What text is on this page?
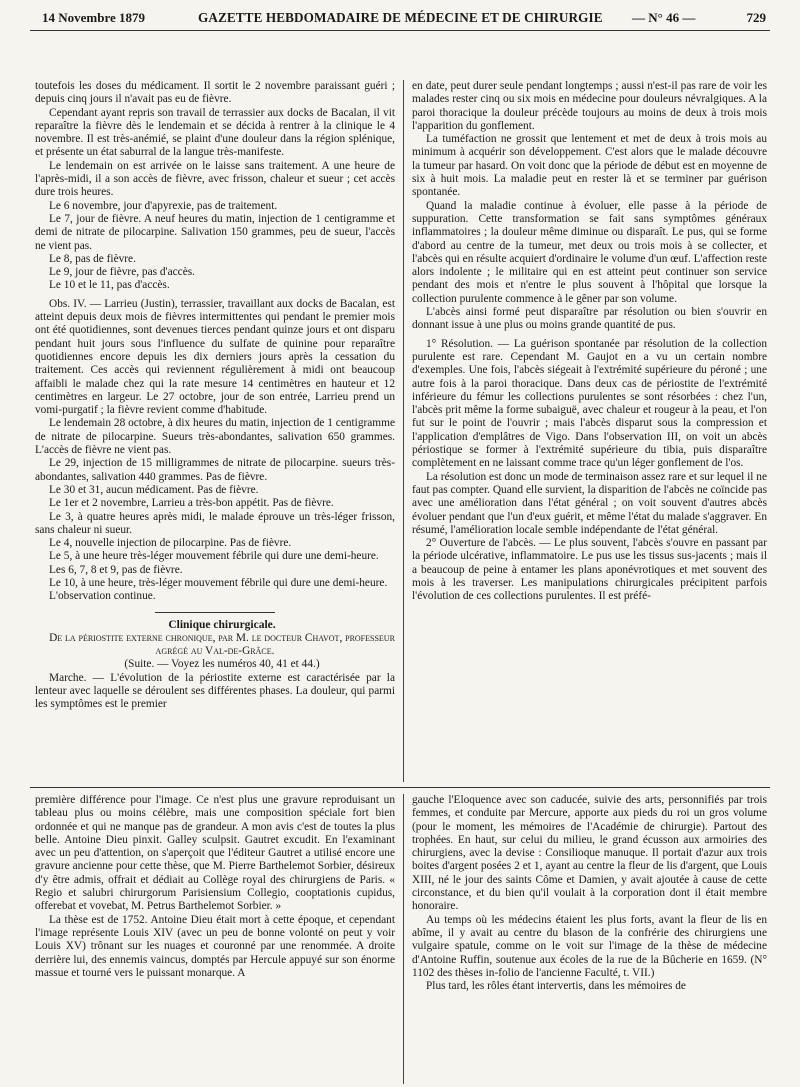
14 Novembre 1879	GAZETTE HEBDOMADAIRE DE MÉDECINE ET DE CHIRURGIE — N° 46 —	729

toutefois les doses du médicament. Il sortit le 2 novembre paraissant guéri ; depuis cinq jours il n'avait pas eu de fièvre.

Cependant ayant repris son travail de terrassier aux docks de Bacalan, il vit reparaître la fièvre dès le lendemain et se décida à rentrer à la clinique le 4 novembre. Il est très-anémié, se plaint d'une douleur dans la région splénique, et présente un état saburral de la langue très-manifeste.

Le lendemain on est arrivée on le laisse sans traitement. A une heure de l'après-midi, il a son accès de fièvre, avec frisson, chaleur et sueur ; cet accès dure trois heures.

Le 6 novembre, jour d'apyrexie, pas de traitement.

Le 7, jour de fièvre. A neuf heures du matin, injection de 1 centigramme et demi de nitrate de pilocarpine. Salivation 150 grammes, peu de sueur, l'accès ne vient pas.

Le 8, pas de fièvre.

Le 9, jour de fièvre, pas d'accès.

Le 10 et le 11, pas d'accès.

Obs. IV. — Larrieu (Justin), terrassier, travaillant aux docks de Bacalan, est atteint depuis deux mois de fièvres intermittentes qui pendant le premier mois ont été quotidiennes, sont devenues tierces pendant quinze jours et ont disparu pendant huit jours sous l'influence du sulfate de quinine pour reparaître quotidiennes encore depuis les dix derniers jours après la cessation du traitement. Ces accès qui reviennent régulièrement à midi ont beaucoup affaibli le malade chez qui la rate mesure 14 centimètres en hauteur et 12 centimètres en largeur. Le 27 octobre, jour de son entrée, Larrieu prend un vomi-purgatif ; la fièvre revient comme d'habitude.

Le lendemain 28 octobre, à dix heures du matin, injection de 1 centigramme de nitrate de pilocarpine. Sueurs très-abondantes, salivation 650 grammes. L'accès de fièvre ne vient pas.

Le 29, injection de 15 milligrammes de nitrate de pilocarpine. sueurs très-abondantes, salivation 440 grammes. Pas de fièvre.

Le 30 et 31, aucun médicament. Pas de fièvre.

Le 1er et 2 novembre, Larrieu a très-bon appétit. Pas de fièvre.

Le 3, à quatre heures après midi, le malade éprouve un très-léger frisson, sans chaleur ni sueur.

Le 4, nouvelle injection de pilocarpine. Pas de fièvre.

Le 5, à une heure très-léger mouvement fébrile qui dure une demi-heure.

Les 6, 7, 8 et 9, pas de fièvre.

Le 10, à une heure, très-léger mouvement fébrile qui dure une demi-heure.

L'observation continue.

Clinique chirurgicale.

De la périostite externe chronique, par M. le docteur Chavot, professeur agrégé au Val-de-Grâce.

(Suite. — Voyez les numéros 40, 41 et 44.)

Marche. — L'évolution de la périostite externe est caractérisée par la lenteur avec laquelle se déroulent ses différentes phases. La douleur, qui parmi les symptômes est le premier

en date, peut durer seule pendant longtemps ; aussi n'est-il pas rare de voir les malades rester cinq ou six mois en médecine pour douleurs névralgiques. A la paroi thoracique la douleur précède toujours au moins de deux à trois mois l'apparition du gonflement.

La tuméfaction ne grossit que lentement et met de deux à trois mois au minimum à acquérir son développement. C'est alors que le malade découvre la tumeur par hasard. On voit donc que la période de début est en moyenne de six à huit mois. La maladie peut en rester là et se terminer par guérison spontanée.

Quand la maladie continue à évoluer, elle passe à la période de suppuration. Cette transformation se fait sans symptômes généraux inflammatoires ; la douleur même diminue ou disparaît. Le pus, qui se forme d'abord au centre de la tumeur, met deux ou trois mois à se collecter, et l'abcès qui en résulte acquiert d'ordinaire le volume d'un œuf. L'affection reste alors indolente ; le militaire qui en est atteint peut continuer son service pendant des mois et n'entre le plus souvent à l'hôpital que lorsque la collection purulente commence à le gêner par son volume.

L'abcès ainsi formé peut disparaître par résolution ou bien s'ouvrir en donnant issue à une plus ou moins grande quantité de pus.

1° Résolution. — La guérison spontanée par résolution de la collection purulente est rare. Cependant M. Gaujot en a vu un certain nombre d'exemples. Une fois, l'abcès siégeait à l'extrémité supérieure du péroné ; une autre fois à la paroi thoracique. Dans deux cas de périostite de l'extrémité inférieure du fémur les collections purulentes se sont résorbées : chez l'un, l'abcès prit même la forme subaiguë, avec chaleur et rougeur à la peau, et l'on fut sur le point de l'ouvrir ; mais l'abcès disparut sous la compression et l'application d'emplâtres de Vigo. Dans l'observation III, on voit un abcès périostique se former à l'extrémité supérieure du tibia, puis disparaître complètement en ne laissant comme trace qu'un léger gonflement de l'os.

La résolution est donc un mode de terminaison assez rare et sur lequel il ne faut pas compter. Quand elle survient, la disparition de l'abcès ne coïncide pas avec une amélioration dans l'état général ; on voit souvent d'autres abcès évoluer pendant que l'un d'eux guérit, et même l'état du malade s'aggraver. En résumé, l'amélioration locale semble indépendante de l'état général.

2° Ouverture de l'abcès. — Le plus souvent, l'abcès s'ouvre en passant par la période ulcérative, inflammatoire. Le pus use les tissus sus-jacents ; mais il a beaucoup de peine à entamer les plans aponévrotiques et met souvent des mois à les traverser. Les manipulations chirurgicales précipitent parfois l'évolution de ces collections purulentes. Il est préfé-

première différence pour l'image. Ce n'est plus une gravure reproduisant un tableau plus ou moins célèbre, mais une composition spéciale fort bien ordonnée et qui ne manque pas de grandeur. A mon avis c'est de toutes la plus belle. Antoine Dieu pinxit. Galley sculpsit. Gautret excudit. En l'examinant avec un peu d'attention, on s'aperçoit que l'éditeur Gautret a utilisé encore une gravure ancienne pour cette thèse, que M. Pierre Barthelemot Sorbier, désireux d'y être admis, offrait et dédiait au Collège royal des chirurgiens de Paris. « Regio et salubri chirurgorum Parisiensium Collegio, cooptationis cupidus, offerebat et vovebat, M. Petrus Barthelemot Sorbier. »

La thèse est de 1752. Antoine Dieu était mort à cette époque, et cependant l'image représente Louis XIV (avec un peu de bonne volonté on peut y voir Louis XV) trônant sur les nuages et couronné par une renommée. A droite derrière lui, des ennemis vaincus, domptés par Hercule appuyé sur son énorme massue et tourné vers le puissant monarque. A

gauche l'Eloquence avec son caducée, suivie des arts, personnifiés par trois femmes, et conduite par Mercure, apporte aux pieds du roi un gros volume (pour le moment, les mémoires de l'Académie de chirurgie). Partout des trophées. En haut, sur celui du milieu, le grand écusson aux armoiries des chirurgiens, avec la devise : Consilioque manuque. Il portait d'azur aux trois boites d'argent posées 2 et 1, ayant au centre la fleur de lis d'argent, que Louis XIII, né le jour des saints Côme et Damien, y avait ajoutée à cause de cette circonstance, et du bien qu'il voulait à la corporation dont il était membre honoraire.

Au temps où les médecins étaient les plus forts, avant la fleur de lis en abîme, il y avait au centre du blason de la confrérie des chirurgiens une vulgaire spatule, comme on le voit sur l'image de la thèse de médecine d'Antoine Ruffin, soutenue aux écoles de la rue de la Bûcherie en 1659. (N° 1102 des thèses in-folio de l'ancienne Faculté, t. VII.)

Plus tard, les rôles étant intervertis, dans les mémoires de
